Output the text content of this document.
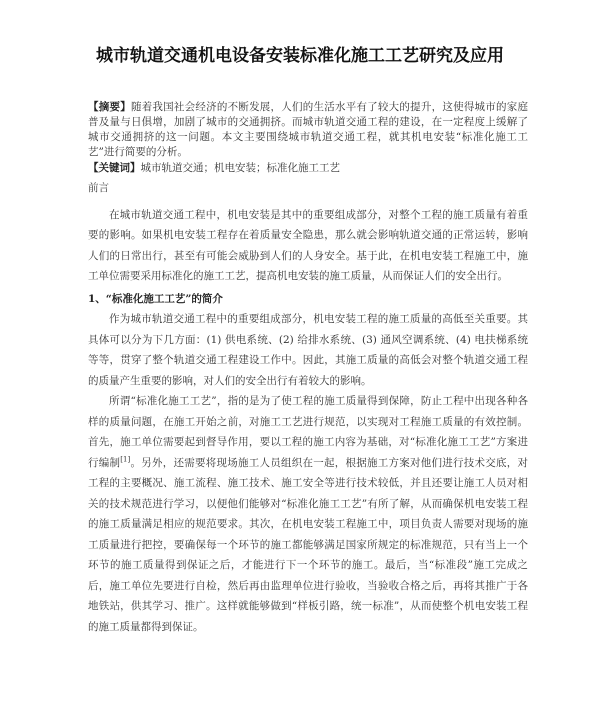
城市轨道交通机电设备安装标准化施工工艺研究及应用

【摘要】随着我国社会经济的不断发展，人们的生活水平有了较大的提升，这使得城市的家庭普及量与日俱增，加剧了城市的交通拥挤。而城市轨道交通工程的建设，在一定程度上缓解了城市交通拥挤的这一问题。本文主要围绕城市轨道交通工程，就其机电安装“标准化施工工艺”进行简要的分析。

【关键词】城市轨道交通；机电安装；标准化施工工艺

前言

在城市轨道交通工程中，机电安装是其中的重要组成部分，对整个工程的施工质量有着重要的影响。如果机电安装工程存在着质量安全隐患，那么就会影响轨道交通的正常运转，影响人们的日常出行，甚至有可能会威胁到人们的人身安全。基于此，在机电安装工程施工中，施工单位需要采用标准化的施工工艺，提高机电安装的施工质量，从而保证人们的安全出行。

1、“标准化施工工艺”的简介

作为城市轨道交通工程中的重要组成部分，机电安装工程的施工质量的高低至关重要。其具体可以分为下几方面：(1) 供电系统、(2) 给排水系统、(3) 通风空调系统、(4) 电扶梯系统等等，贯穿了整个轨道交通工程建设工作中。因此，其施工质量的高低会对整个轨道交通工程的质量产生重要的影响，对人们的安全出行有着较大的影响。

所谓“标准化施工工艺”，指的是为了使工程的施工质量得到保障，防止工程中出现各种各样的质量问题，在施工开始之前，对施工工艺进行规范，以实现对工程施工质量的有效控制。首先，施工单位需要起到督导作用，要以工程的施工内容为基础，对“标准化施工工艺”方案进行编制[1]。另外，还需要将现场施工人员组织在一起，根据施工方案对他们进行技术交底，对工程的主要概况、施工流程、施工技术、施工安全等进行技术较低，并且还要让施工人员对相关的技术规范进行学习，以便他们能够对“标准化施工工艺”有所了解，从而确保机电安装工程的施工质量满足相应的规范要求。其次，在机电安装工程施工中，项目负责人需要对现场的施工质量进行把控，要确保每一个环节的施工都能够满足国家所规定的标准规范，只有当上一个环节的施工质量得到保证之后，才能进行下一个环节的施工。最后，当“标准段”施工完成之后，施工单位先要进行自检，然后再由监理单位进行验收，当验收合格之后，再将其推广于各地铁站，供其学习、推广。这样就能够做到“样板引路，统一标准”，从而使整个机电安装工程的施工质量都得到保证。
